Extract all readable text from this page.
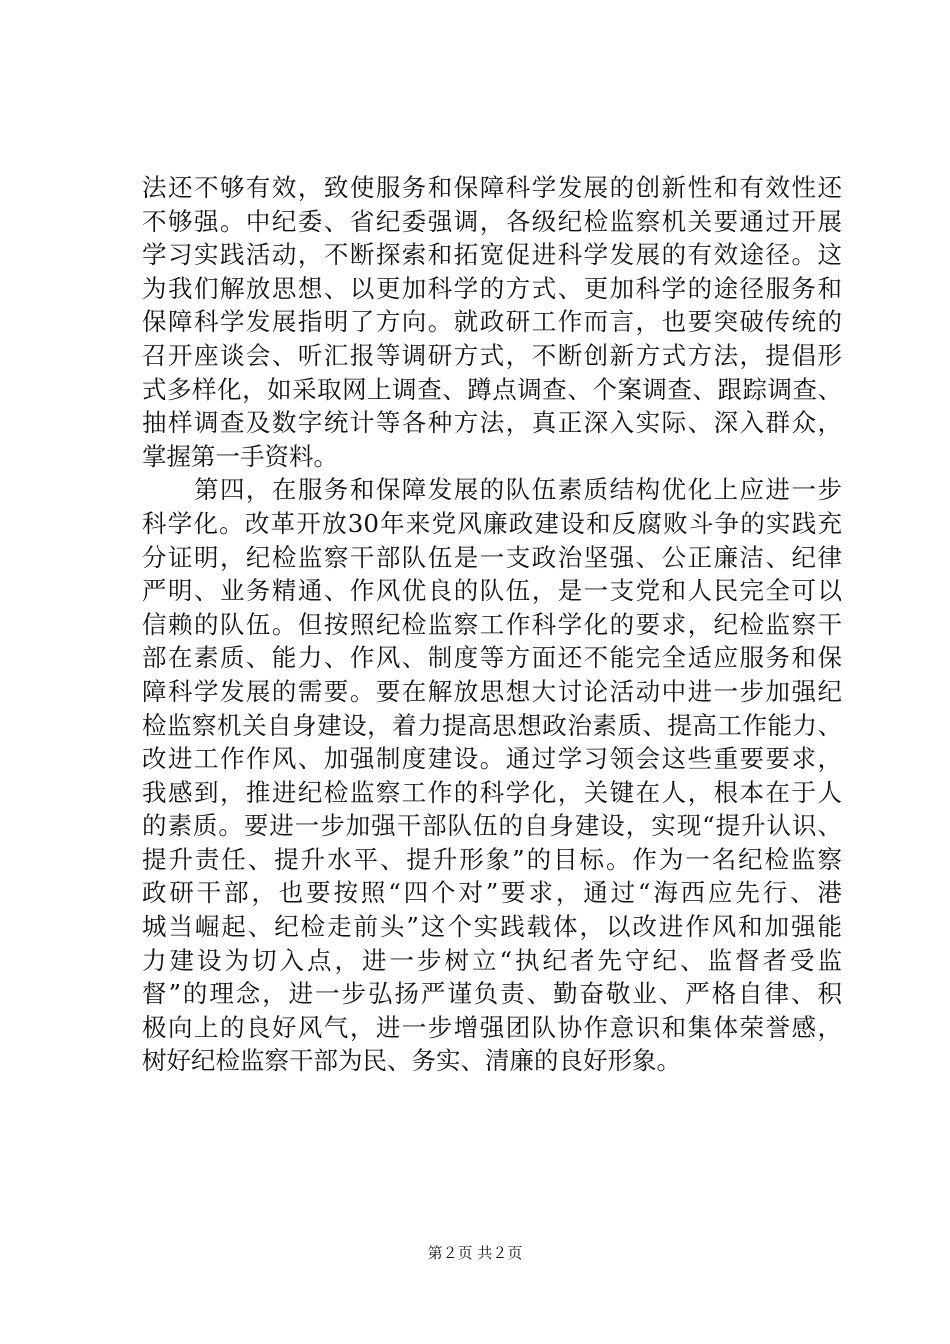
法还不够有效，致使服务和保障科学发展的创新性和有效性还
不够强。中纪委、省纪委强调，各级纪检监察机关要通过开展
学习实践活动，不断探索和拓宽促进科学发展的有效途径。这
为我们解放思想、以更加科学的方式、更加科学的途径服务和
保障科学发展指明了方向。就政研工作而言，也要突破传统的
召开座谈会、听汇报等调研方式，不断创新方式方法，提倡形
式多样化，如采取网上调查、蹲点调查、个案调查、跟踪调查、
抽样调查及数字统计等各种方法，真正深入实际、深入群众，
掌握第一手资料。
　　第四，在服务和保障发展的队伍素质结构优化上应进一步
科学化。改革开放30年来党风廉政建设和反腐败斗争的实践充
分证明，纪检监察干部队伍是一支政治坚强、公正廉洁、纪律
严明、业务精通、作风优良的队伍，是一支党和人民完全可以
信赖的队伍。但按照纪检监察工作科学化的要求，纪检监察干
部在素质、能力、作风、制度等方面还不能完全适应服务和保
障科学发展的需要。要在解放思想大讨论活动中进一步加强纪
检监察机关自身建设，着力提高思想政治素质、提高工作能力、
改进工作作风、加强制度建设。通过学习领会这些重要要求，
我感到，推进纪检监察工作的科学化，关键在人，根本在于人
的素质。要进一步加强干部队伍的自身建设，实现“提升认识、
提升责任、提升水平、提升形象”的目标。作为一名纪检监察
政研干部，也要按照“四个对”要求，通过“海西应先行、港
城当崛起、纪检走前头”这个实践载体，以改进作风和加强能
力建设为切入点，进一步树立“执纪者先守纪、监督者受监
督”的理念，进一步弘扬严谨负责、勤奋敬业、严格自律、积
极向上的良好风气，进一步增强团队协作意识和集体荣誉感，
树好纪检监察干部为民、务实、清廉的良好形象。
第２页 共２页
